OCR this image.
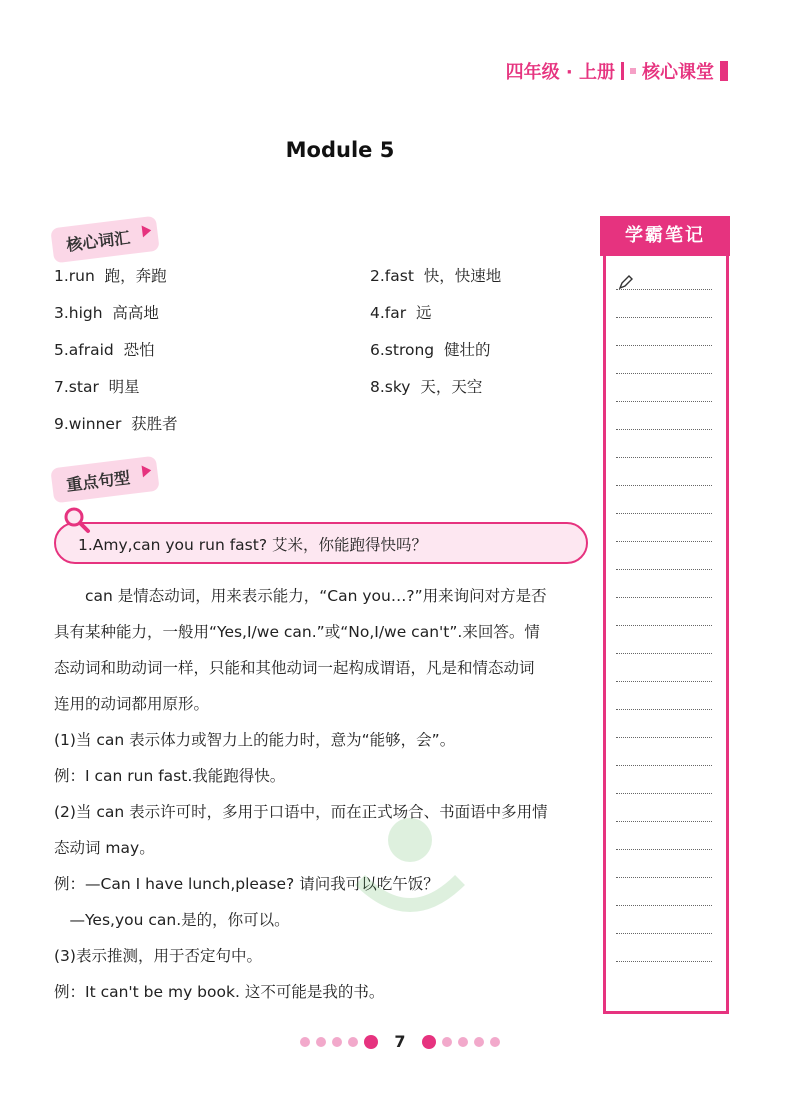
四年级 · 上册 核心课堂
Module 5
核心词汇
1.run  跑，奔跑	2.fast  快，快速地
3.high  高高地	4.far  远
5.afraid  恐怕	6.strong  健壮的
7.star  明星	8.sky  天，天空
9.winner  获胜者
重点句型
1.Amy,can you run fast? 艾米，你能跑得快吗？

　　can 是情态动词，用来表示能力，“Can you…?”用来询问对方是否

具有某种能力，一般用“Yes,I/we can.”或“No,I/we can't”.来回答。情

态动词和助动词一样，只能和其他动词一起构成谓语，凡是和情态动词

连用的动词都用原形。

(1)当 can 表示体力或智力上的能力时，意为“能够，会”。

例：I can run fast.我能跑得快。

(2)当 can 表示许可时，多用于口语中，而在正式场合、书面语中多用情

态动词 may。

例：—Can I have lunch,please? 请问我可以吃午饭？

　—Yes,you can.是的，你可以。

(3)表示推测，用于否定句中。

例：It can't be my book. 这不可能是我的书。

学霸笔记
7
